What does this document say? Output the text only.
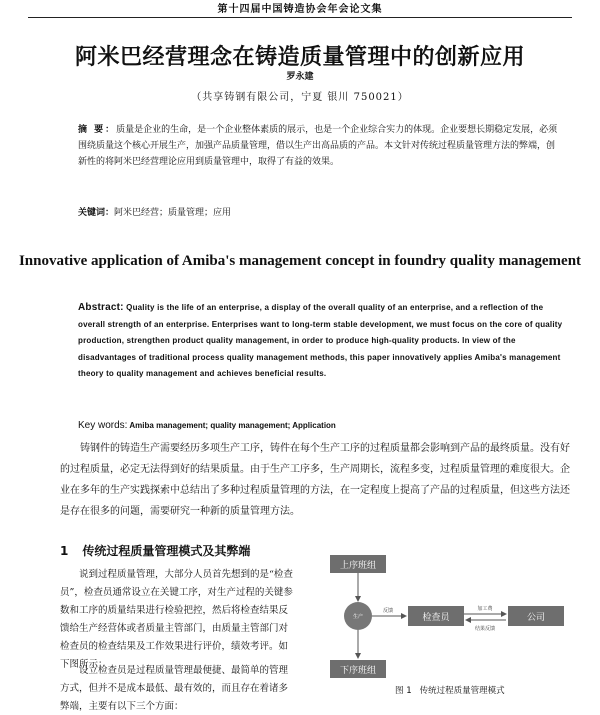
第十四届中国铸造协会年会论文集
阿米巴经营理念在铸造质量管理中的创新应用
罗永建
（共享铸钢有限公司，宁夏 银川 750021）
摘 要：质量是企业的生命，是一个企业整体素质的展示，也是一个企业综合实力的体现。企业要想长期稳定发展，必须围绕质量这个核心开展生产，加强产品质量管理，借以生产出高品质的产品。本文针对传统过程质量管理方法的弊端，创新性的将阿米巴经营理论应用到质量管理中，取得了有益的效果。
关键词：阿米巴经营；质量管理；应用
Innovative application of Amiba's management concept in foundry quality management
Abstract: Quality is the life of an enterprise, a display of the overall quality of an enterprise, and a reflection of the overall strength of an enterprise. Enterprises want to long-term stable development, we must focus on the core of quality production, strengthen product quality management, in order to produce high-quality products. In view of the disadvantages of traditional process quality management methods, this paper innovatively applies Amiba's management theory to quality management and achieves beneficial results.
Key words: Amiba management; quality management; Application
铸钢件的铸造生产需要经历多项生产工序，铸件在每个生产工序的过程质量都会影响到产品的最终质量。没有好的过程质量，必定无法得到好的结果质量。由于生产工序多，生产周期长，流程多变，过程质量管理的难度很大。企业在多年的生产实践探索中总结出了多种过程质量管理的方法，在一定程度上提高了产品的过程质量，但这些方法还是存在很多的问题，需要研究一种新的质量管理方法。
1 传统过程质量管理模式及其弊端
说到过程质量管理，大部分人员首先想到的是“检查员”，检查员通常设立在关键工序，对生产过程的关键参数和工序的质量结果进行检验把控，然后将检查结果反馈给生产经营体或者质量主管部门，由质量主管部门对检查员的检查结果及工作效果进行评价，绩效考评。如下图所示：
设立检查员是过程质量管理最便捷、最简单的管理方式，但并不是成本最低、最有效的，而且存在着诸多弊端，主要有以下三个方面：
上序班组
下序班组
生产
反馈
检查员
加工费
结果反馈
公司
图 1 传统过程质量管理模式
